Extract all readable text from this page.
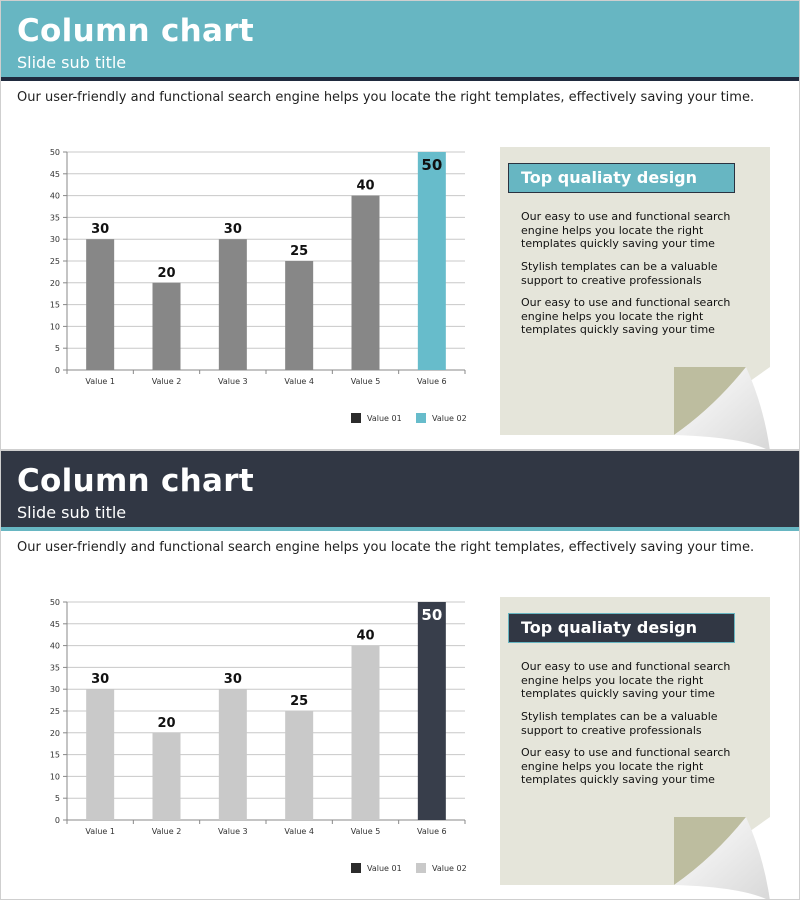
Column chart
Slide sub title
Our user-friendly and functional search engine helps you locate the right templates, effectively saving your time.
0
5
10
15
20
25
30
35
40
45
50
30
Value 1
20
Value 2
30
Value 3
25
Value 4
40
Value 5
50
Value 6
Value 01	Value 02
Top qualiaty design
Our easy to use and functional search engine helps you locate the right templates quickly saving your time
Stylish templates can be a valuable support to creative professionals
Our easy to use and functional search engine helps you locate the right templates quickly saving your time
Column chart
Slide sub title
Our user-friendly and functional search engine helps you locate the right templates, effectively saving your time.
0
5
10
15
20
25
30
35
40
45
50
30
Value 1
20
Value 2
30
Value 3
25
Value 4
40
Value 5
50
Value 6
Value 01	Value 02
Top qualiaty design
Our easy to use and functional search engine helps you locate the right templates quickly saving your time
Stylish templates can be a valuable support to creative professionals
Our easy to use and functional search engine helps you locate the right templates quickly saving your time
